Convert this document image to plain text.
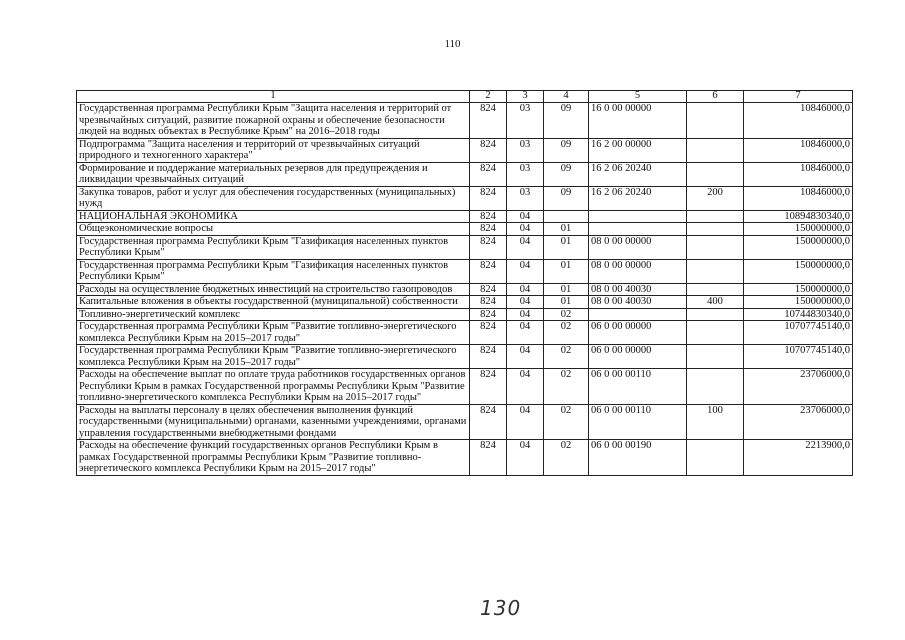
110
1	2	3	4	5	6	7
Государственная программа Республики Крым "Защита населения и территорий от чрезвычайных ситуаций, развитие пожарной охраны и обеспечение безопасности людей на водных объектах в Республике Крым" на 2016–2018 годы	824	03	09	16 0 00 00000		10846000,0
Подпрограмма "Защита населения и территорий от чрезвычайных ситуаций природного и техногенного характера"	824	03	09	16 2 00 00000		10846000,0
Формирование и поддержание материальных резервов для предупреждения и ликвидации чрезвычайных ситуаций	824	03	09	16 2 06 20240		10846000,0
Закупка товаров, работ и услуг для обеспечения государственных (муниципальных) нужд	824	03	09	16 2 06 20240	200	10846000,0
НАЦИОНАЛЬНАЯ ЭКОНОМИКА	824	04				10894830340,0
Общеэкономические вопросы	824	04	01			150000000,0
Государственная программа Республики Крым "Газификация населенных пунктов Республики Крым"	824	04	01	08 0 00 00000		150000000,0
Государственная программа Республики Крым "Газификация населенных пунктов Республики Крым"	824	04	01	08 0 00 00000		150000000,0
Расходы на осуществление бюджетных инвестиций на строительство газопроводов	824	04	01	08 0 00 40030		150000000,0
Капитальные вложения в объекты государственной (муниципальной) собственности	824	04	01	08 0 00 40030	400	150000000,0
Топливно-энергетический комплекс	824	04	02			10744830340,0
Государственная программа Республики Крым "Развитие топливно-энергетического комплекса Республики Крым на 2015–2017 годы"	824	04	02	06 0 00 00000		10707745140,0
Государственная программа Республики Крым "Развитие топливно-энергетического комплекса Республики Крым на 2015–2017 годы"	824	04	02	06 0 00 00000		10707745140,0
Расходы на обеспечение выплат по оплате труда работников государственных органов Республики Крым в рамках Государственной программы Республики Крым "Развитие топливно-энергетического комплекса Республики Крым на 2015–2017 годы"	824	04	02	06 0 00 00110		23706000,0
Расходы на выплаты персоналу в целях обеспечения выполнения функций государственными (муниципальными) органами, казенными учреждениями, органами управления государственными внебюджетными фондами	824	04	02	06 0 00 00110	100	23706000,0
Расходы на обеспечение функций государственных органов Республики Крым в рамках Государственной программы Республики Крым "Развитие топливно-энергетического комплекса Республики Крым на 2015–2017 годы"	824	04	02	06 0 00 00190		2213900,0
130
